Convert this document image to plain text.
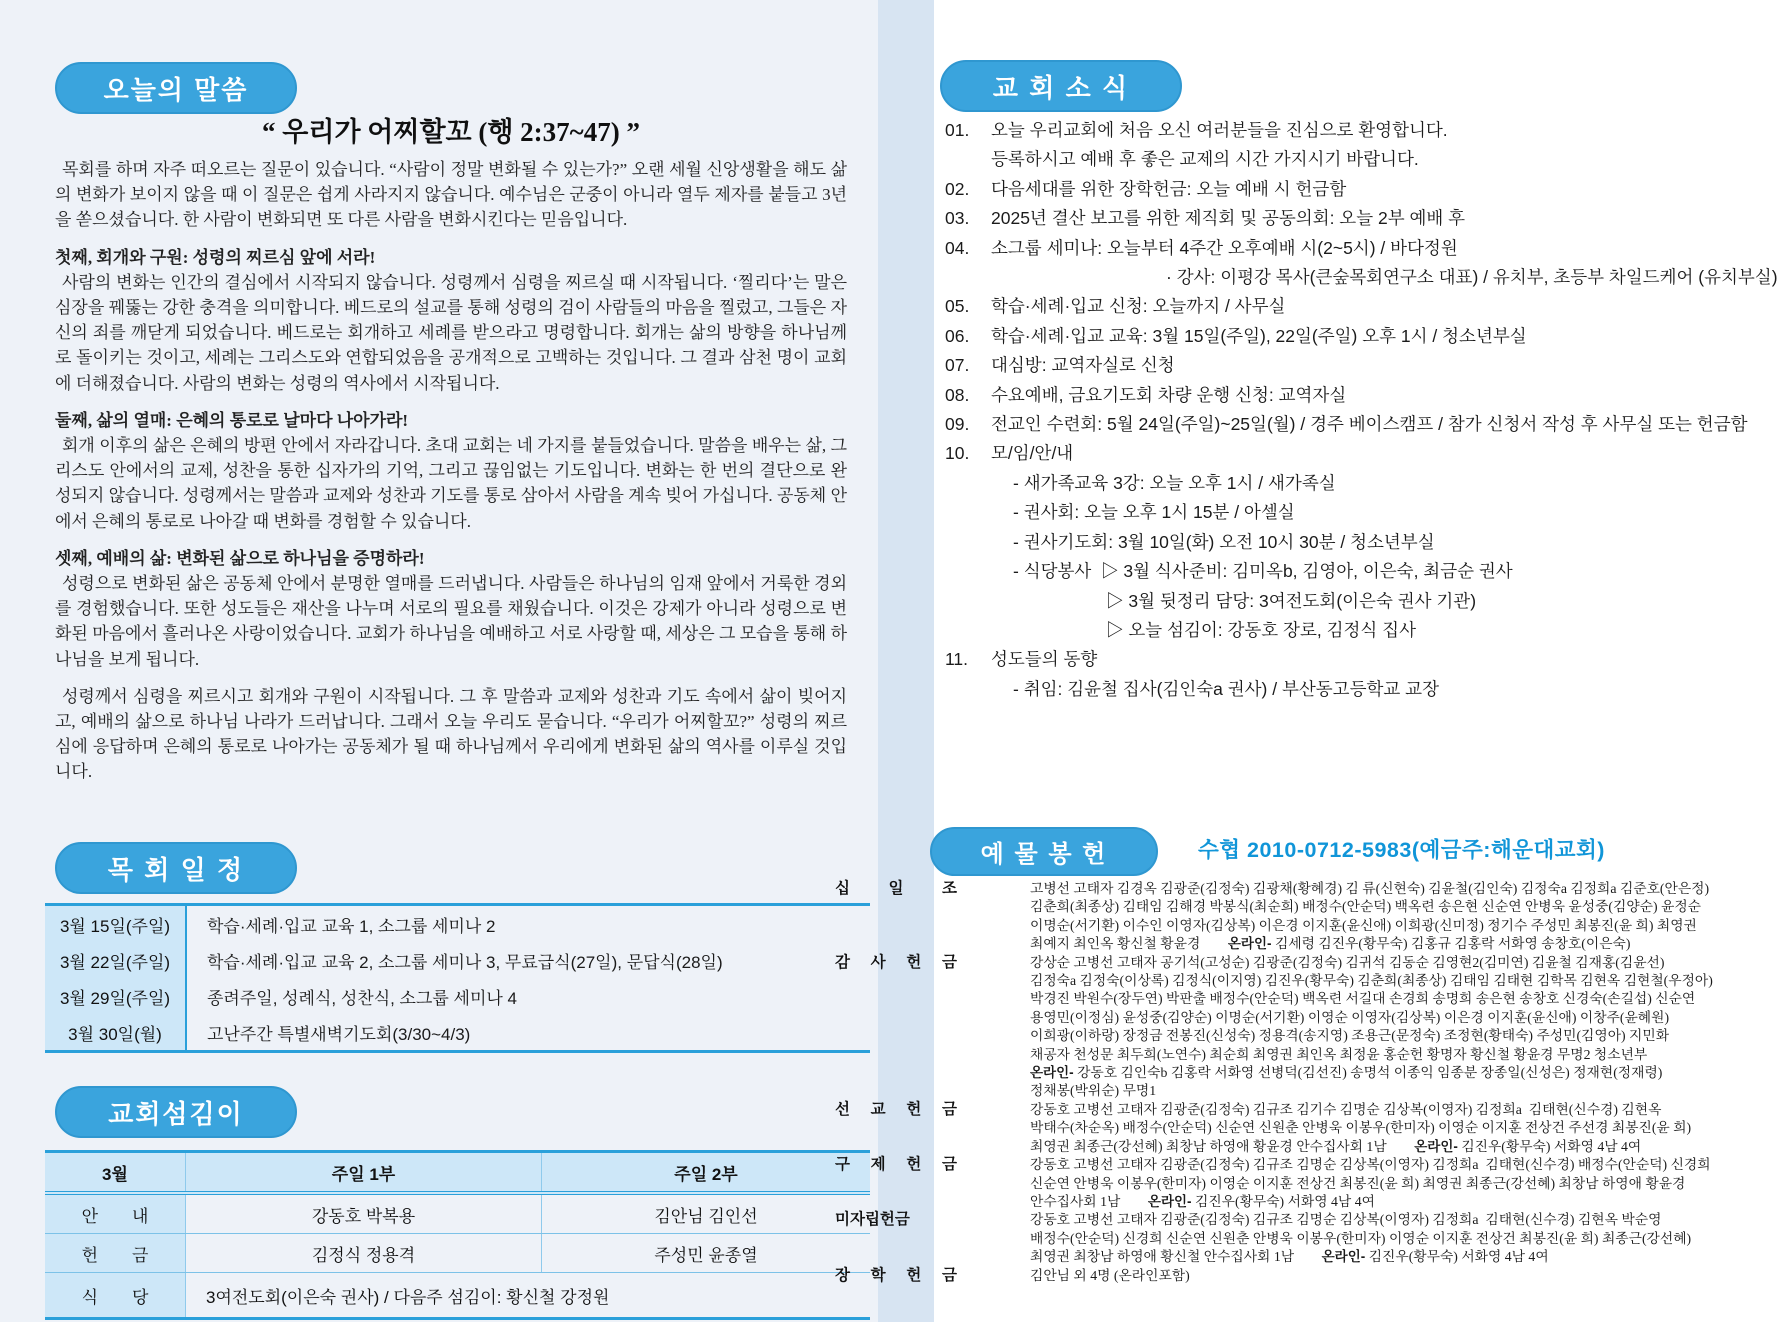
오늘의 말씀
“ 우리가 어찌할꼬 (행 2:37~47) ”
목회를 하며 자주 떠오르는 질문이 있습니다. “사람이 정말 변화될 수 있는가?” 오랜 세월 신앙생활을 해도 삶의 변화가 보이지 않을 때 이 질문은 쉽게 사라지지 않습니다. 예수님은 군중이 아니라 열두 제자를 붙들고 3년을 쏟으셨습니다. 한 사람이 변화되면 또 다른 사람을 변화시킨다는 믿음입니다.
첫째, 회개와 구원: 성령의 찌르심 앞에 서라!
사람의 변화는 인간의 결심에서 시작되지 않습니다. 성령께서 심령을 찌르실 때 시작됩니다. ‘찔리다’는 말은 심장을 꿰뚫는 강한 충격을 의미합니다. 베드로의 설교를 통해 성령의 검이 사람들의 마음을 찔렀고, 그들은 자신의 죄를 깨닫게 되었습니다. 베드로는 회개하고 세례를 받으라고 명령합니다. 회개는 삶의 방향을 하나님께로 돌이키는 것이고, 세례는 그리스도와 연합되었음을 공개적으로 고백하는 것입니다. 그 결과 삼천 명이 교회에 더해졌습니다. 사람의 변화는 성령의 역사에서 시작됩니다.
둘째, 삶의 열매: 은혜의 통로로 날마다 나아가라!
회개 이후의 삶은 은혜의 방편 안에서 자라갑니다. 초대 교회는 네 가지를 붙들었습니다. 말씀을 배우는 삶, 그리스도 안에서의 교제, 성찬을 통한 십자가의 기억, 그리고 끊임없는 기도입니다. 변화는 한 번의 결단으로 완성되지 않습니다. 성령께서는 말씀과 교제와 성찬과 기도를 통로 삼아서 사람을 계속 빚어 가십니다. 공동체 안에서 은혜의 통로로 나아갈 때 변화를 경험할 수 있습니다.
셋째, 예배의 삶: 변화된 삶으로 하나님을 증명하라!
성령으로 변화된 삶은 공동체 안에서 분명한 열매를 드러냅니다. 사람들은 하나님의 임재 앞에서 거룩한 경외를 경험했습니다. 또한 성도들은 재산을 나누며 서로의 필요를 채웠습니다. 이것은 강제가 아니라 성령으로 변화된 마음에서 흘러나온 사랑이었습니다. 교회가 하나님을 예배하고 서로 사랑할 때, 세상은 그 모습을 통해 하나님을 보게 됩니다.
성령께서 심령을 찌르시고 회개와 구원이 시작됩니다. 그 후 말씀과 교제와 성찬과 기도 속에서 삶이 빚어지고, 예배의 삶으로 하나님 나라가 드러납니다. 그래서 오늘 우리도 묻습니다. “우리가 어찌할꼬?” 성령의 찌르심에 응답하며 은혜의 통로로 나아가는 공동체가 될 때 하나님께서 우리에게 변화된 삶의 역사를 이루실 것입니다.
목 회 일 정
3월 15일(주일)	학습·세례·입교 교육 1, 소그룹 세미나 2
3월 22일(주일)	학습·세례·입교 교육 2, 소그룹 세미나 3, 무료급식(27일), 문답식(28일)
3월 29일(주일)	종려주일, 성례식, 성찬식, 소그룹 세미나 4
3월 30일(월)	고난주간 특별새벽기도회(3/30~4/3)
교회섬김이
3월	주일 1부	주일 2부
안  내	강동호 박복용	김안님 김인선
헌  금	김정식 정용격	주성민 윤종열
식  당	3여전도회(이은숙 권사) / 다음주 섬김이: 황신철 강정원
교 회 소 식
01.	오늘 우리교회에 처음 오신 여러분들을 진심으로 환영합니다.
등록하시고 예배 후 좋은 교제의 시간 가지시기 바랍니다.
02.	다음세대를 위한 장학헌금: 오늘 예배 시 헌금함
03.	2025년 결산 보고를 위한 제직회 및 공동의회: 오늘 2부 예배 후
04.	소그룹 세미나: 오늘부터 4주간 오후예배 시(2~5시) / 바다정원
· 강사: 이평강 목사(큰숲목회연구소 대표) / 유치부, 초등부 차일드케어 (유치부실)
05.	학습·세례·입교 신청: 오늘까지 / 사무실
06.	학습·세례·입교 교육: 3월 15일(주일), 22일(주일) 오후 1시 / 청소년부실
07.	대심방: 교역자실로 신청
08.	수요예배, 금요기도회 차량 운행 신청: 교역자실
09.	전교인 수련회: 5월 24일(주일)~25일(월) / 경주 베이스캠프 / 참가 신청서 작성 후 사무실 또는 헌금함
10.	모/임/안/내
- 새가족교육 3강: 오늘 오후 1시 / 새가족실
- 권사회: 오늘 오후 1시 15분 / 아셀실
- 권사기도회: 3월 10일(화) 오전 10시 30분 / 청소년부실
- 식당봉사  ▷ 3월 식사준비: 김미옥b, 김영아, 이은숙, 최금순 권사
▷ 3월 뒷정리 담당: 3여전도회(이은숙 권사 기관)
▷ 오늘 섬김이: 강동호 장로, 김정식 집사
11.	성도들의 동향
- 취임: 김윤철 집사(김인숙a 권사) / 부산동고등학교 교장
예 물 봉 헌	수협 2010-0712-5983(예금주:해운대교회)
십 일 조	고병선 고태자 김경옥 김광준(김정숙) 김광채(황혜경) 김 류(신현숙) 김윤철(김인숙) 김정숙a 김정희a 김준호(안은정)
김춘희(최종상) 김태임 김해경 박봉식(최순희) 배정수(안순덕) 백옥련 송은현 신순연 안병욱 윤성중(김양순) 윤정순
이명순(서기환) 이수인 이영자(김상복) 이은경 이지훈(윤신애) 이희광(신미정) 정기수 주성민 최봉진(윤 희) 최영권
최예지 최인옥 황신철 황윤경        온라인- 김세령 김진우(황무숙) 김홍규 김홍락 서화영 송창호(이은숙)
감 사 헌 금	강상순 고병선 고태자 공기석(고성순) 김광준(김정숙) 김귀석 김동순 김영현2(김미연) 김윤철 김재홍(김윤선)
김정숙a 김정숙(이상록) 김정식(이지영) 김진우(황무숙) 김춘희(최종상) 김태임 김태현 김학목 김현옥 김현철(우정아)
박경진 박원수(장두연) 박판출 배정수(안순덕) 백옥련 서길대 손경희 송명희 송은현 송창호 신경숙(손길섭) 신순연
용영민(이정심) 윤성중(김양순) 이명순(서기환) 이영순 이영자(김상복) 이은경 이지훈(윤신애) 이창주(윤혜원)
이희광(이하랑) 장정금 전봉진(신성숙) 정용격(송지영) 조용근(문정숙) 조정현(황태숙) 주성민(김영아) 지민화
채공자 천성문 최두희(노연수) 최순희 최영권 최인옥 최정윤 홍순헌 황명자 황신철 황윤경 무명2 청소년부
온라인- 강동호 김인숙b 김홍락 서화영 선병덕(김선진) 송명석 이종익 임종분 장종일(신성은) 정재현(정재령)
정채봉(박위순) 무명1
선 교 헌 금	강동호 고병선 고태자 김광준(김정숙) 김규조 김기수 김명순 김상복(이영자) 김정희a  김태현(신수경) 김현옥
박태수(차순옥) 배정수(안순덕) 신순연 신원춘 안병욱 이봉우(한미자) 이영순 이지훈 전상건 주선경 최봉진(윤 희)
최영권 최종근(강선혜) 최창남 하영애 황윤경 안수집사회 1남        온라인- 김진우(황무숙) 서화영 4남 4여
구 제 헌 금	강동호 고병선 고태자 김광준(김정숙) 김규조 김명순 김상복(이영자) 김정희a  김태현(신수경) 배정수(안순덕) 신경희
신순연 안병욱 이봉우(한미자) 이영순 이지훈 전상건 최봉진(윤 희) 최영권 최종근(강선혜) 최창남 하영애 황윤경
안수집사회 1남        온라인- 김진우(황무숙) 서화영 4남 4여
미자립헌금	강동호 고병선 고태자 김광준(김정숙) 김규조 김명순 김상복(이영자) 김정희a  김태현(신수경) 김현옥 박순영
배정수(안순덕) 신경희 신순연 신원춘 안병욱 이봉우(한미자) 이영순 이지훈 전상건 최봉진(윤 희) 최종근(강선혜)
최영권 최창남 하영애 황신철 안수집사회 1남        온라인- 김진우(황무숙) 서화영 4남 4여
장 학 헌 금	김안님 외 4명 (온라인포함)
